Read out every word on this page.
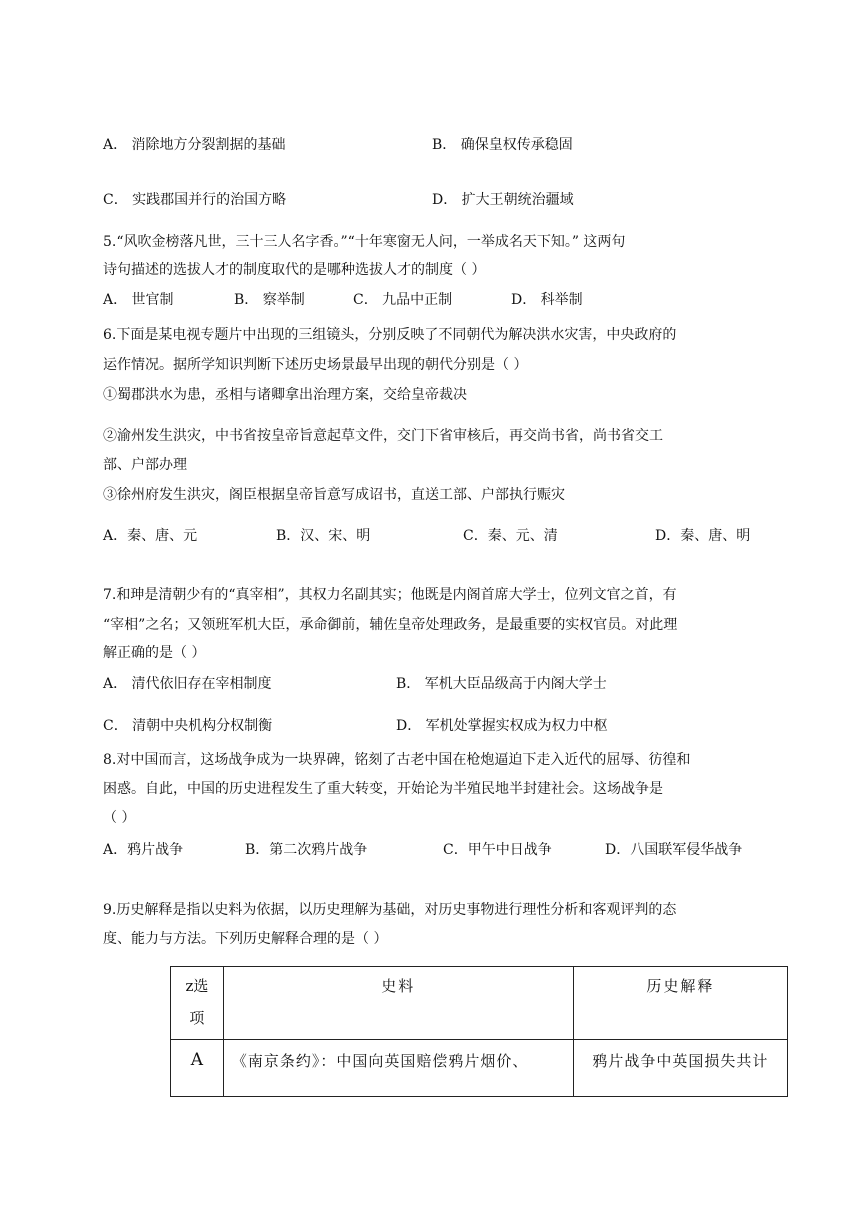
A． 消除地方分裂割据的基础	B． 确保皇权传承稳固
C． 实践郡国并行的治国方略	D． 扩大王朝统治疆域
5.“风吹金榜落凡世，三十三人名字香。”“十年寒窗无人问，一举成名天下知。” 这两句
诗句描述的选拔人才的制度取代的是哪种选拔人才的制度（ ）
A． 世官制	B． 察举制	C． 九品中正制	D． 科举制
6.下面是某电视专题片中出现的三组镜头，分别反映了不同朝代为解决洪水灾害，中央政府的
运作情况。据所学知识判断下述历史场景最早出现的朝代分别是（ ）
①蜀郡洪水为患，丞相与诸卿拿出治理方案，交给皇帝裁决
②渝州发生洪灾，中书省按皇帝旨意起草文件，交门下省审核后，再交尚书省，尚书省交工
部、户部办理
③徐州府发生洪灾，阁臣根据皇帝旨意写成诏书，直送工部、户部执行赈灾
A．秦、唐、元	B．汉、宋、明	C．秦、元、清	D．秦、唐、明
7.和珅是清朝少有的“真宰相”，其权力名副其实；他既是内阁首席大学士，位列文官之首，有
“宰相”之名；又领班军机大臣，承命御前，辅佐皇帝处理政务，是最重要的实权官员。对此理
解正确的是（ ）
A． 清代依旧存在宰相制度	B． 军机大臣品级高于内阁大学士
C． 清朝中央机构分权制衡	D． 军机处掌握实权成为权力中枢
8.对中国而言，这场战争成为一块界碑，铭刻了古老中国在枪炮逼迫下走入近代的屈辱、彷徨和
困惑。自此，中国的历史进程发生了重大转变，开始论为半殖民地半封建社会。这场战争是
（ ）
A．鸦片战争	B．第二次鸦片战争	C．甲午中日战争	D．八国联军侵华战争
9.历史解释是指以史料为依据，以历史理解为基础，对历史事物进行理性分析和客观评判的态
度、能力与方法。下列历史解释合理的是（ ）
z选
项	史料	历史解释

A	《南京条约》：中国向英国赔偿鸦片烟价、	鸦片战争中英国损失共计
